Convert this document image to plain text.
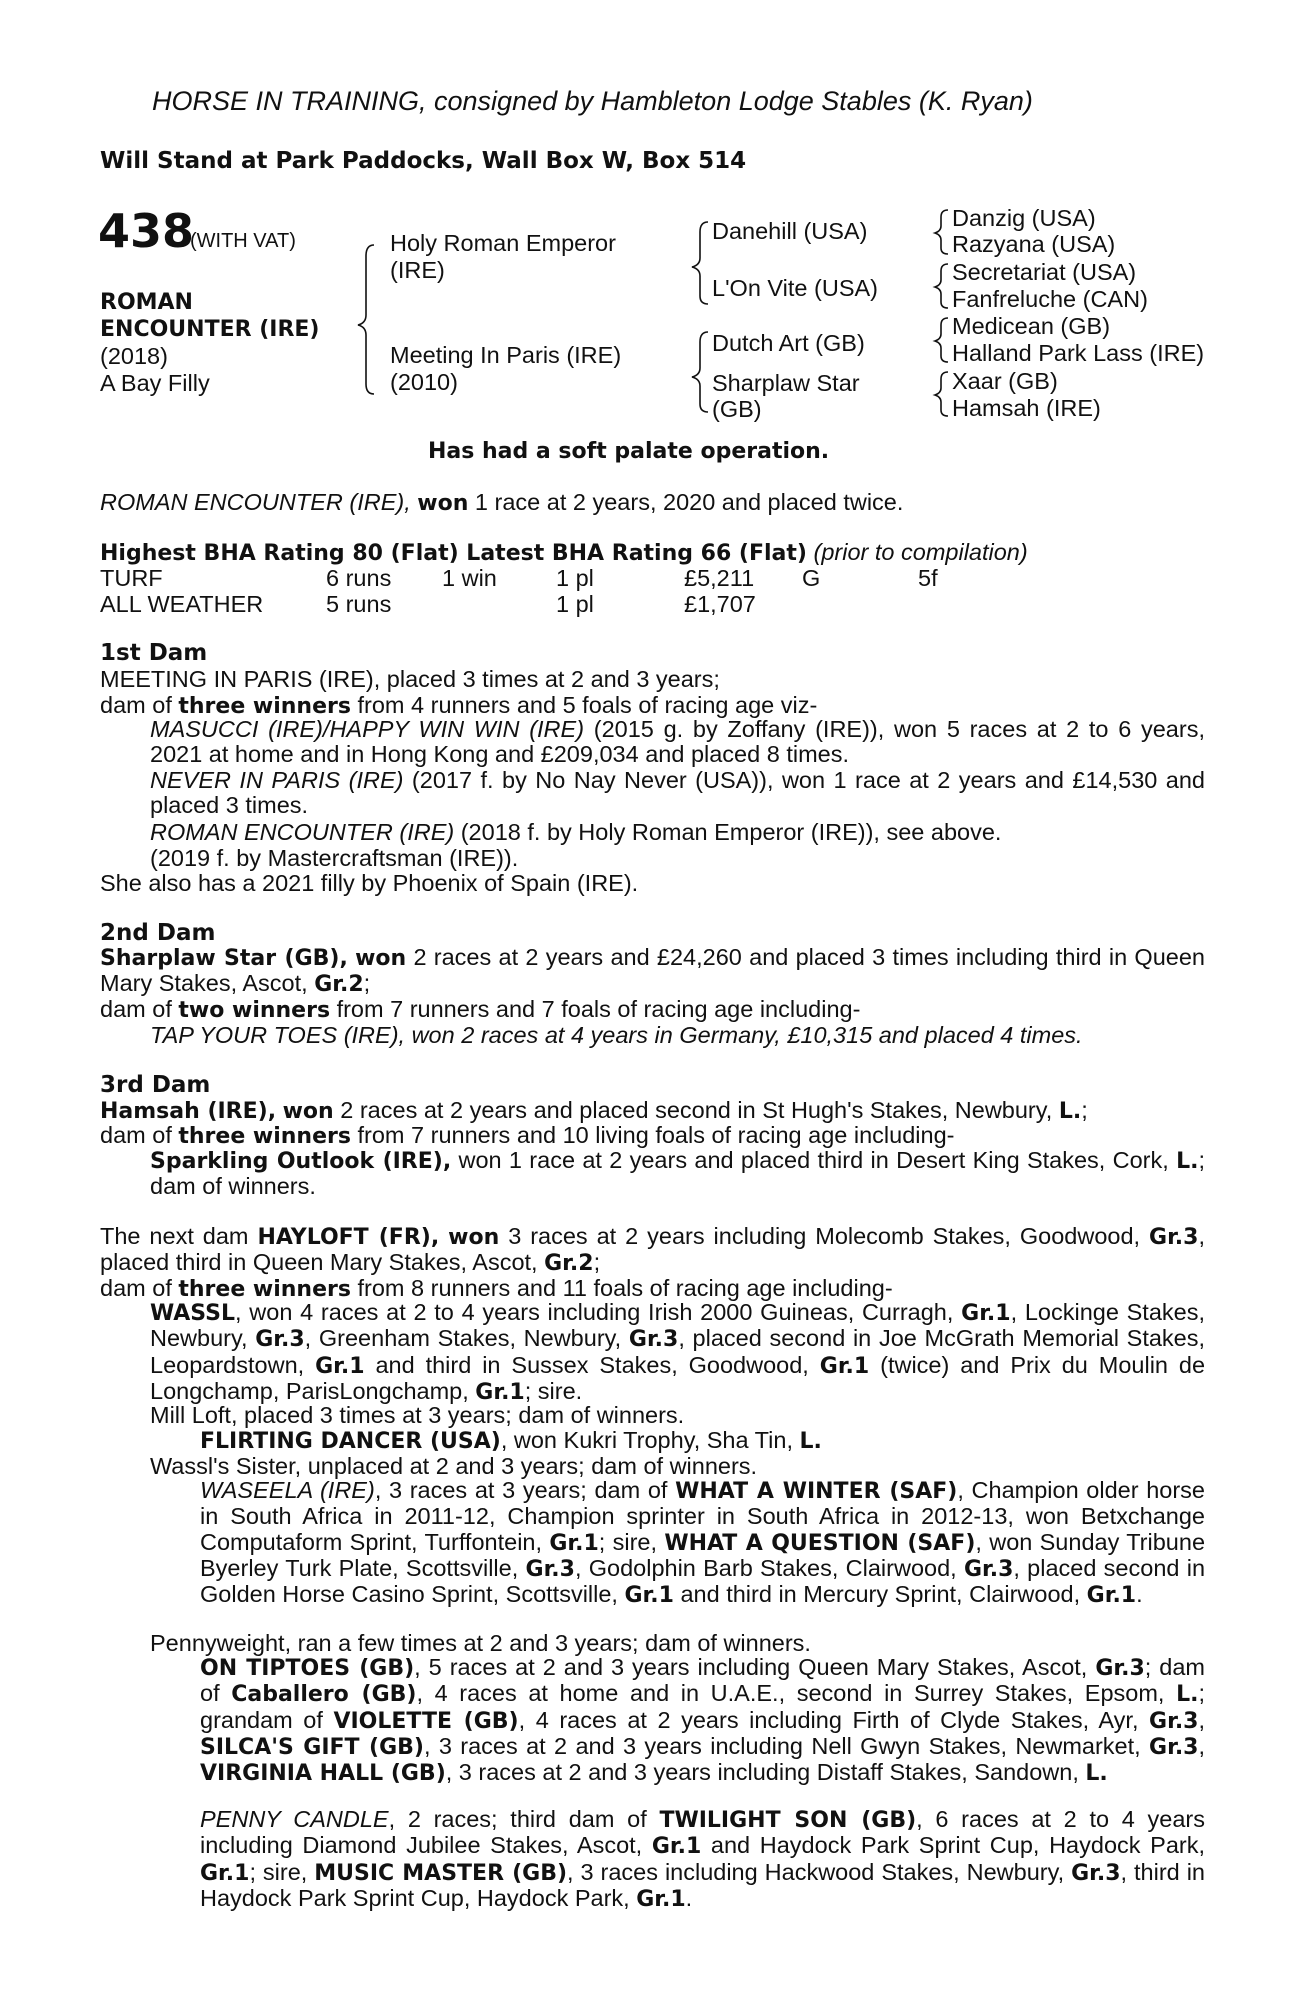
HORSE IN TRAINING, consigned by Hambleton Lodge Stables (K. Ryan)
Will Stand at Park Paddocks, Wall Box W, Box 514
438
(WITH VAT)
ROMAN
ENCOUNTER (IRE)
(2018)
A Bay Filly
Holy Roman Emperor
(IRE)
Meeting In Paris (IRE)
(2010)
Danehill (USA)
L'On Vite (USA)
Dutch Art (GB)
Sharplaw Star
(GB)
Danzig (USA)
Razyana (USA)
Secretariat (USA)
Fanfreluche (CAN)
Medicean (GB)
Halland Park Lass (IRE)
Xaar (GB)
Hamsah (IRE)
Has had a soft palate operation.
ROMAN ENCOUNTER (IRE), won 1 race at 2 years, 2020 and placed twice.
Highest BHA Rating 80 (Flat) Latest BHA Rating 66 (Flat) (prior to compilation)
TURF	6 runs 1 win	1 pl	£5,211 G	5f
ALL WEATHER	5 runs	1 pl	£1,707
1st Dam
MEETING IN PARIS (IRE), placed 3 times at 2 and 3 years;
dam of three winners from 4 runners and 5 foals of racing age viz-
MASUCCI (IRE)/HAPPY WIN WIN (IRE) (2015 g. by Zoffany (IRE)), won 5 races at 2 to 6 years, 2021 at home and in Hong Kong and £209,034 and placed 8 times.
NEVER IN PARIS (IRE) (2017 f. by No Nay Never (USA)), won 1 race at 2 years and £14,530 and placed 3 times.
ROMAN ENCOUNTER (IRE) (2018 f. by Holy Roman Emperor (IRE)), see above.
(2019 f. by Mastercraftsman (IRE)).
She also has a 2021 filly by Phoenix of Spain (IRE).
2nd Dam
Sharplaw Star (GB), won 2 races at 2 years and £24,260 and placed 3 times including third in Queen Mary Stakes, Ascot, Gr.2;
dam of two winners from 7 runners and 7 foals of racing age including-
TAP YOUR TOES (IRE), won 2 races at 4 years in Germany, £10,315 and placed 4 times.
3rd Dam
Hamsah (IRE), won 2 races at 2 years and placed second in St Hugh's Stakes, Newbury, L.;
dam of three winners from 7 runners and 10 living foals of racing age including-
Sparkling Outlook (IRE), won 1 race at 2 years and placed third in Desert King Stakes, Cork, L.; dam of winners.
The next dam HAYLOFT (FR), won 3 races at 2 years including Molecomb Stakes, Goodwood, Gr.3, placed third in Queen Mary Stakes, Ascot, Gr.2;
dam of three winners from 8 runners and 11 foals of racing age including-
WASSL, won 4 races at 2 to 4 years including Irish 2000 Guineas, Curragh, Gr.1, Lockinge Stakes, Newbury, Gr.3, Greenham Stakes, Newbury, Gr.3, placed second in Joe McGrath Memorial Stakes, Leopardstown, Gr.1 and third in Sussex Stakes, Goodwood, Gr.1 (twice) and Prix du Moulin de Longchamp, ParisLongchamp, Gr.1; sire.
Mill Loft, placed 3 times at 3 years; dam of winners.
FLIRTING DANCER (USA), won Kukri Trophy, Sha Tin, L.
Wassl's Sister, unplaced at 2 and 3 years; dam of winners.
WASEELA (IRE), 3 races at 3 years; dam of WHAT A WINTER (SAF), Champion older horse in South Africa in 2011-12, Champion sprinter in South Africa in 2012-13, won Betxchange Computaform Sprint, Turffontein, Gr.1; sire, WHAT A QUESTION (SAF), won Sunday Tribune Byerley Turk Plate, Scottsville, Gr.3, Godolphin Barb Stakes, Clairwood, Gr.3, placed second in Golden Horse Casino Sprint, Scottsville, Gr.1 and third in Mercury Sprint, Clairwood, Gr.1.
Pennyweight, ran a few times at 2 and 3 years; dam of winners.
ON TIPTOES (GB), 5 races at 2 and 3 years including Queen Mary Stakes, Ascot, Gr.3; dam of Caballero (GB), 4 races at home and in U.A.E., second in Surrey Stakes, Epsom, L.; grandam of VIOLETTE (GB), 4 races at 2 years including Firth of Clyde Stakes, Ayr, Gr.3, SILCA'S GIFT (GB), 3 races at 2 and 3 years including Nell Gwyn Stakes, Newmarket, Gr.3, VIRGINIA HALL (GB), 3 races at 2 and 3 years including Distaff Stakes, Sandown, L.
PENNY CANDLE, 2 races; third dam of TWILIGHT SON (GB), 6 races at 2 to 4 years including Diamond Jubilee Stakes, Ascot, Gr.1 and Haydock Park Sprint Cup, Haydock Park, Gr.1; sire, MUSIC MASTER (GB), 3 races including Hackwood Stakes, Newbury, Gr.3, third in Haydock Park Sprint Cup, Haydock Park, Gr.1.
